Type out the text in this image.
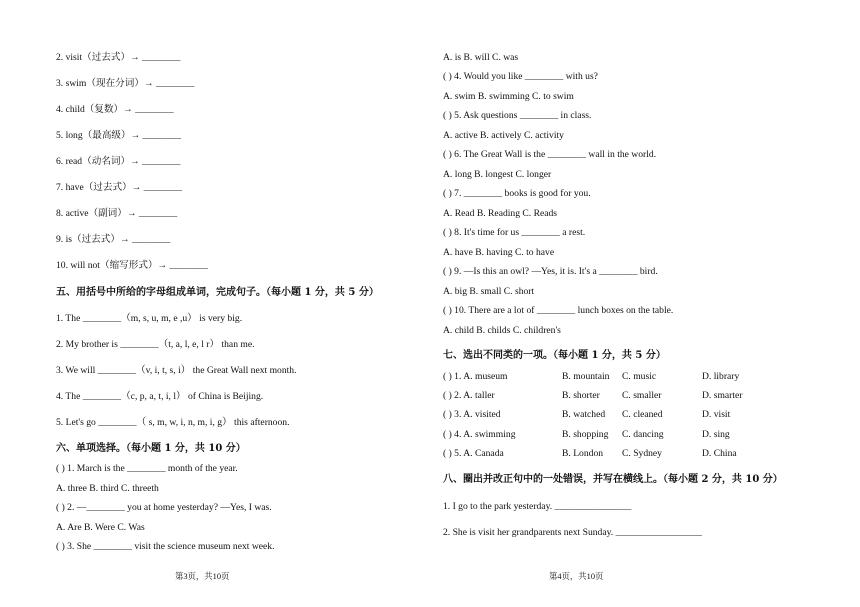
2. visit（过去式）→ ________
3. swim（现在分词）→ ________
4. child（复数）→ ________
5. long（最高级）→ ________
6. read（动名词）→ ________
7. have（过去式）→ ________
8. active（副词）→ ________
9. is（过去式）→ ________
10. will not（缩写形式）→ ________
五、用括号中所给的字母组成单词，完成句子。（每小题 1 分，共 5 分）
1. The ________（m, s, u, m, e ,u） is very big.
2. My brother is ________（t, a, l, e, l r） than me.
3. We will ________（v, i, t, s, i） the Great Wall next month.
4. The ________（c, p, a, t, i, l） of China is Beijing.
5. Let's go ________（ s, m, w, i, n, m, i, g） this afternoon.
六、单项选择。（每小题 1 分，共 10 分）
( ) 1. March is the ________ month of the year.
A. three B. third C. threeth
( ) 2. —________ you at home yesterday? —Yes, I was.
A. Are B. Were C. Was
( ) 3. She ________ visit the science museum next week.
第3页，共10页
A. is B. will C. was
( ) 4. Would you like ________ with us?
A. swim B. swimming C. to swim
( ) 5. Ask questions ________ in class.
A. active B. actively C. activity
( ) 6. The Great Wall is the ________ wall in the world.
A. long B. longest C. longer
( ) 7. ________ books is good for you.
A. Read B. Reading C. Reads
( ) 8. It's time for us ________ a rest.
A. have B. having C. to have
( ) 9. —Is this an owl? —Yes, it is. It's a ________ bird.
A. big B. small C. short
( ) 10. There are a lot of ________ lunch boxes on the table.
A. child B. childs C. children's
七、选出不同类的一项。（每小题 1 分，共 5 分）
( ) 1. A. museum	B. mountain C. music	D. library
( ) 2. A. taller	B. shorter C. smaller	D. smarter
( ) 3. A. visited	B. watched C. cleaned	D. visit
( ) 4. A. swimming	B. shopping C. dancing	D. sing
( ) 5. A. Canada	B. London C. Sydney	D. China
八、圈出并改正句中的一处错误，并写在横线上。（每小题 2 分，共 10 分）
1. I go to the park yesterday. ________________
2. She is visit her grandparents next Sunday. __________________
第4页，共10页
